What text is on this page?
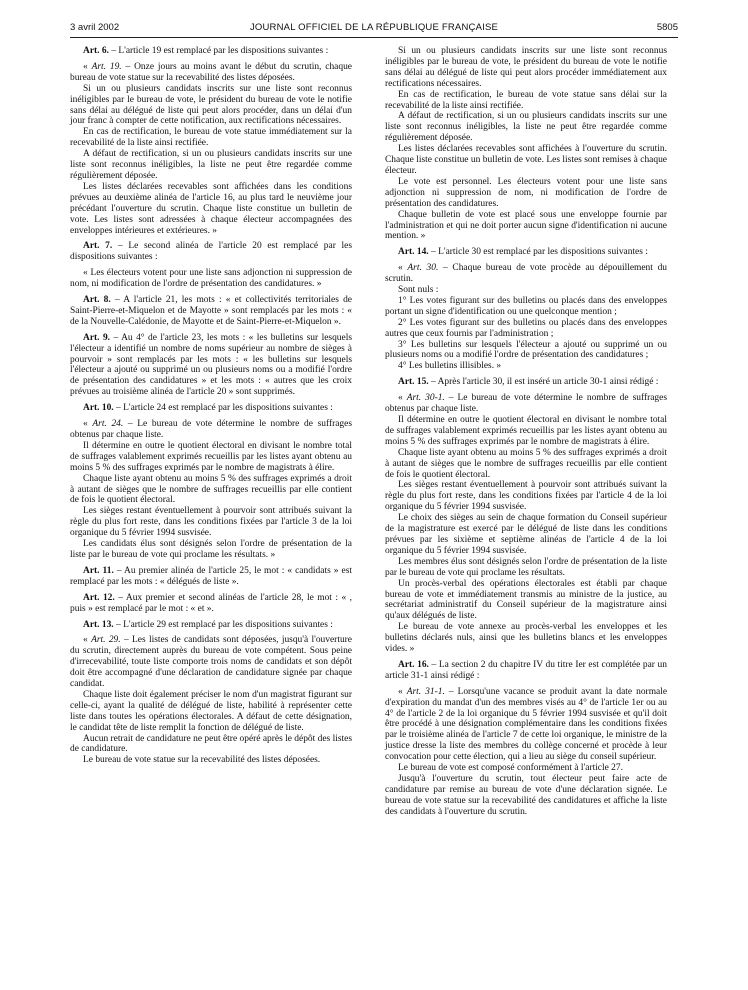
3 avril 2002	JOURNAL OFFICIEL DE LA RÉPUBLIQUE FRANÇAISE	5805

Art. 6. – L'article 19 est remplacé par les dispositions suivantes :

« Art. 19. – Onze jours au moins avant le début du scrutin, chaque bureau de vote statue sur la recevabilité des listes déposées.

Si un ou plusieurs candidats inscrits sur une liste sont reconnus inéligibles par le bureau de vote, le président du bureau de vote le notifie sans délai au délégué de liste qui peut alors procéder, dans un délai d'un jour franc à compter de cette notification, aux rectifications nécessaires.

En cas de rectification, le bureau de vote statue immédiatement sur la recevabilité de la liste ainsi rectifiée.

A défaut de rectification, si un ou plusieurs candidats inscrits sur une liste sont reconnus inéligibles, la liste ne peut être regardée comme régulièrement déposée.

Les listes déclarées recevables sont affichées dans les conditions prévues au deuxième alinéa de l'article 16, au plus tard le neuvième jour précédant l'ouverture du scrutin. Chaque liste constitue un bulletin de vote. Les listes sont adressées à chaque électeur accompagnées des enveloppes intérieures et extérieures. »

Art. 7. – Le second alinéa de l'article 20 est remplacé par les dispositions suivantes :

« Les électeurs votent pour une liste sans adjonction ni suppression de nom, ni modification de l'ordre de présentation des candidatures. »

Art. 8. – A l'article 21, les mots : « et collectivités territoriales de Saint-Pierre-et-Miquelon et de Mayotte » sont remplacés par les mots : « de la Nouvelle-Calédonie, de Mayotte et de Saint-Pierre-et-Miquelon ».

Art. 9. – Au 4° de l'article 23, les mots : « les bulletins sur lesquels l'électeur a identifié un nombre de noms supérieur au nombre de sièges à pourvoir » sont remplacés par les mots : « les bulletins sur lesquels l'électeur a ajouté ou supprimé un ou plusieurs noms ou a modifié l'ordre de présentation des candidatures » et les mots : « autres que les croix prévues au troisième alinéa de l'article 20 » sont supprimés.

Art. 10. – L'article 24 est remplacé par les dispositions suivantes :

« Art. 24. – Le bureau de vote détermine le nombre de suffrages obtenus par chaque liste.

Il détermine en outre le quotient électoral en divisant le nombre total de suffrages valablement exprimés recueillis par les listes ayant obtenu au moins 5 % des suffrages exprimés par le nombre de magistrats à élire.

Chaque liste ayant obtenu au moins 5 % des suffrages exprimés a droit à autant de sièges que le nombre de suffrages recueillis par elle contient de fois le quotient électoral.

Les sièges restant éventuellement à pourvoir sont attribués suivant la règle du plus fort reste, dans les conditions fixées par l'article 3 de la loi organique du 5 février 1994 susvisée.

Les candidats élus sont désignés selon l'ordre de présentation de la liste par le bureau de vote qui proclame les résultats. »

Art. 11. – Au premier alinéa de l'article 25, le mot : « candidats » est remplacé par les mots : « délégués de liste ».

Art. 12. – Aux premier et second alinéas de l'article 28, le mot : « , puis » est remplacé par le mot : « et ».

Art. 13. – L'article 29 est remplacé par les dispositions suivantes :

« Art. 29. – Les listes de candidats sont déposées, jusqu'à l'ouverture du scrutin, directement auprès du bureau de vote compétent. Sous peine d'irrecevabilité, toute liste comporte trois noms de candidats et son dépôt doit être accompagné d'une déclaration de candidature signée par chaque candidat.

Chaque liste doit également préciser le nom d'un magistrat figurant sur celle-ci, ayant la qualité de délégué de liste, habilité à représenter cette liste dans toutes les opérations électorales. A défaut de cette désignation, le candidat tête de liste remplit la fonction de délégué de liste.

Aucun retrait de candidature ne peut être opéré après le dépôt des listes de candidature.

Le bureau de vote statue sur la recevabilité des listes déposées.

Si un ou plusieurs candidats inscrits sur une liste sont reconnus inéligibles par le bureau de vote, le président du bureau de vote le notifie sans délai au délégué de liste qui peut alors procéder immédiatement aux rectifications nécessaires.

En cas de rectification, le bureau de vote statue sans délai sur la recevabilité de la liste ainsi rectifiée.

A défaut de rectification, si un ou plusieurs candidats inscrits sur une liste sont reconnus inéligibles, la liste ne peut être regardée comme régulièrement déposée.

Les listes déclarées recevables sont affichées à l'ouverture du scrutin. Chaque liste constitue un bulletin de vote. Les listes sont remises à chaque électeur.

Le vote est personnel. Les électeurs votent pour une liste sans adjonction ni suppression de nom, ni modification de l'ordre de présentation des candidatures.

Chaque bulletin de vote est placé sous une enveloppe fournie par l'administration et qui ne doit porter aucun signe d'identification ni aucune mention. »

Art. 14. – L'article 30 est remplacé par les dispositions suivantes :

« Art. 30. – Chaque bureau de vote procède au dépouillement du scrutin.

Sont nuls :

1° Les votes figurant sur des bulletins ou placés dans des enveloppes portant un signe d'identification ou une quelconque mention ;

2° Les votes figurant sur des bulletins ou placés dans des enveloppes autres que ceux fournis par l'administration ;

3° Les bulletins sur lesquels l'électeur a ajouté ou supprimé un ou plusieurs noms ou a modifié l'ordre de présentation des candidatures ;

4° Les bulletins illisibles. »

Art. 15. – Après l'article 30, il est inséré un article 30-1 ainsi rédigé :

« Art. 30-1. – Le bureau de vote détermine le nombre de suffrages obtenus par chaque liste.

Il détermine en outre le quotient électoral en divisant le nombre total de suffrages valablement exprimés recueillis par les listes ayant obtenu au moins 5 % des suffrages exprimés par le nombre de magistrats à élire.

Chaque liste ayant obtenu au moins 5 % des suffrages exprimés a droit à autant de sièges que le nombre de suffrages recueillis par elle contient de fois le quotient électoral.

Les sièges restant éventuellement à pourvoir sont attribués suivant la règle du plus fort reste, dans les conditions fixées par l'article 4 de la loi organique du 5 février 1994 susvisée.

Le choix des sièges au sein de chaque formation du Conseil supérieur de la magistrature est exercé par le délégué de liste dans les conditions prévues par les sixième et septième alinéas de l'article 4 de la loi organique du 5 février 1994 susvisée.

Les membres élus sont désignés selon l'ordre de présentation de la liste par le bureau de vote qui proclame les résultats.

Un procès-verbal des opérations électorales est établi par chaque bureau de vote et immédiatement transmis au ministre de la justice, au secrétariat administratif du Conseil supérieur de la magistrature ainsi qu'aux délégués de liste.

Le bureau de vote annexe au procès-verbal les enveloppes et les bulletins déclarés nuls, ainsi que les bulletins blancs et les enveloppes vides. »

Art. 16. – La section 2 du chapitre IV du titre Ier est complétée par un article 31-1 ainsi rédigé :

« Art. 31-1. – Lorsqu'une vacance se produit avant la date normale d'expiration du mandat d'un des membres visés au 4° de l'article 1er ou au 4° de l'article 2 de la loi organique du 5 février 1994 susvisée et qu'il doit être procédé à une désignation complémentaire dans les conditions fixées par le troisième alinéa de l'article 7 de cette loi organique, le ministre de la justice dresse la liste des membres du collège concerné et procède à leur convocation pour cette élection, qui a lieu au siège du conseil supérieur.

Le bureau de vote est composé conformément à l'article 27.

Jusqu'à l'ouverture du scrutin, tout électeur peut faire acte de candidature par remise au bureau de vote d'une déclaration signée. Le bureau de vote statue sur la recevabilité des candidatures et affiche la liste des candidats à l'ouverture du scrutin.
